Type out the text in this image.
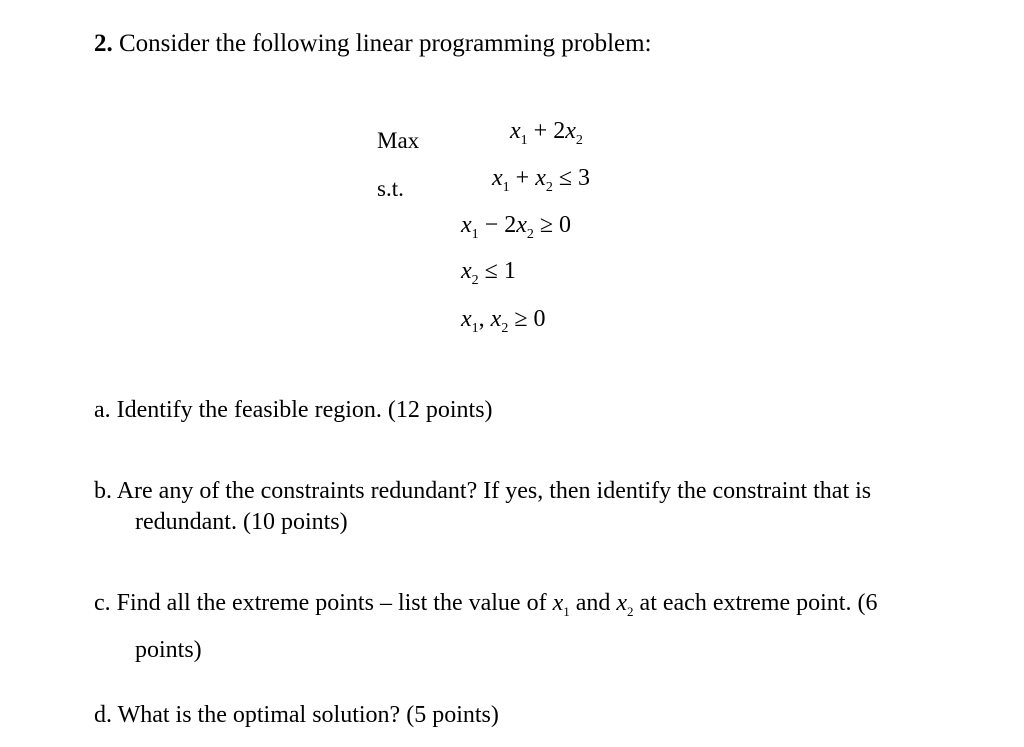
2. Consider the following linear programming problem:
Max
s.t.
$x_1 + 2x_2$
$x_1 + x_2 \le 3$
$x_1 - 2x_2 \ge 0$
$x_2 \le 1$
$x_1$, $x_2 \ge 0$
a. Identify the feasible region. (12 points)
b. Are any of the constraints redundant? If yes, then identify the constraint that is
redundant. (10 points)
c. Find all the extreme points – list the value of $x_1$ and $x_2$ at each extreme point. (6
points)
d. What is the optimal solution? (5 points)
